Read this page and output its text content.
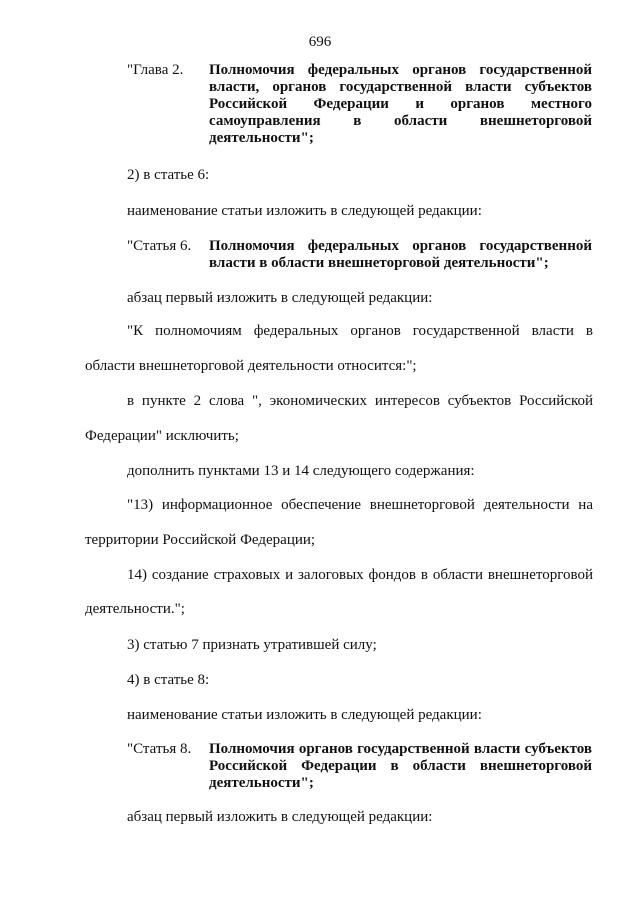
696
"Глава 2. Полномочия федеральных органов государственной власти, органов государственной власти субъектов Российской Федерации и органов местного самоуправления в области внешнеторговой деятельности";
2) в статье 6:
наименование статьи изложить в следующей редакции:
"Статья 6. Полномочия федеральных органов государственной власти в области внешнеторговой деятельности";
абзац первый изложить в следующей редакции:
"К полномочиям федеральных органов государственной власти в
области внешнеторговой деятельности относится:";
в пункте 2 слова ", экономических интересов субъектов Российской
Федерации" исключить;
дополнить пунктами 13 и 14 следующего содержания:
"13) информационное обеспечение внешнеторговой деятельности на
территории Российской Федерации;
14) создание страховых и залоговых фондов в области внешнеторговой
деятельности.";
3) статью 7 признать утратившей силу;
4) в статье 8:
наименование статьи изложить в следующей редакции:
"Статья 8. Полномочия органов государственной власти субъектов Российской Федерации в области внешнеторговой деятельности";
абзац первый изложить в следующей редакции:
